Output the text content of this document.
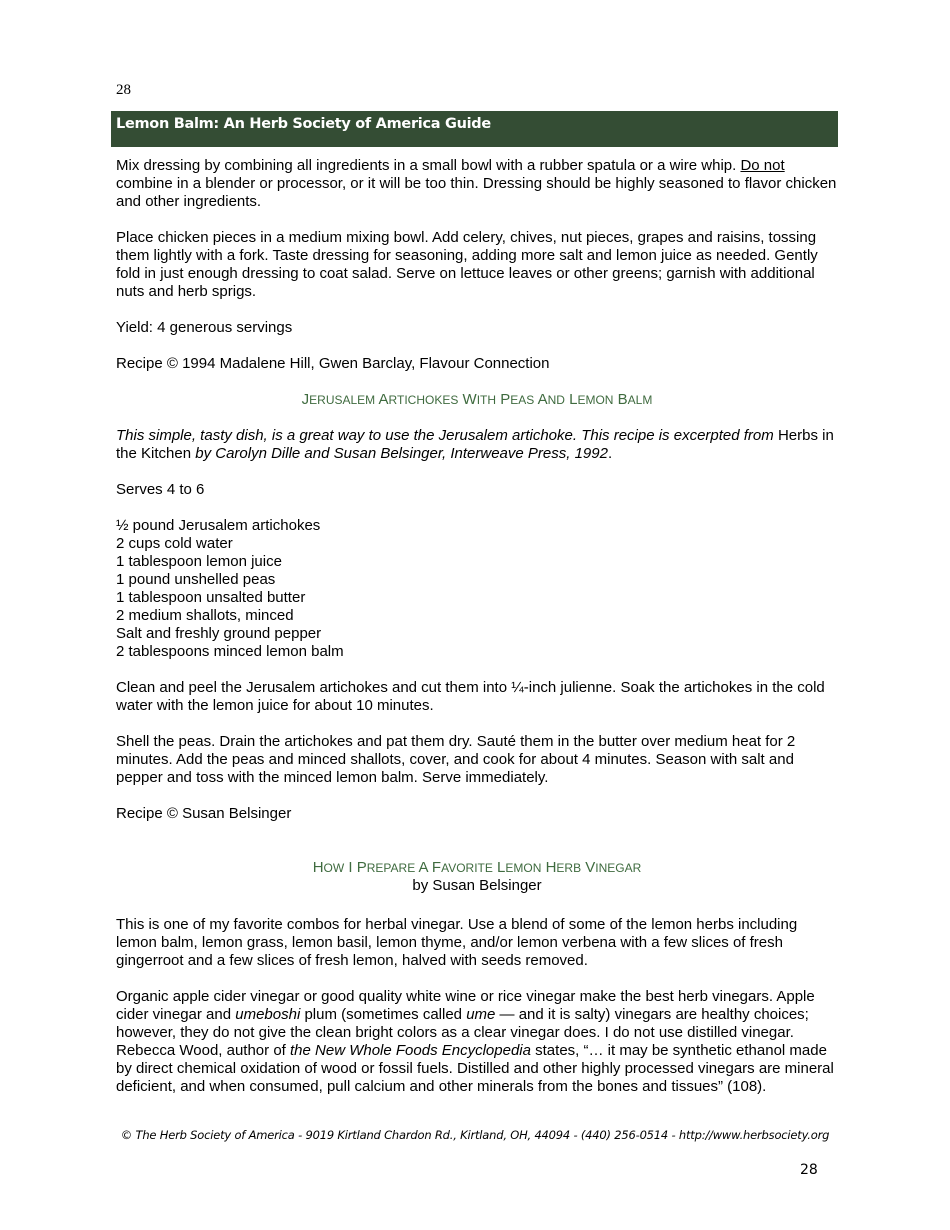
28
Lemon Balm: An Herb Society of America Guide

Mix dressing by combining all ingredients in a small bowl with a rubber spatula or a wire whip. Do not combine in a blender or processor, or it will be too thin. Dressing should be highly seasoned to flavor chicken and other ingredients.

Place chicken pieces in a medium mixing bowl. Add celery, chives, nut pieces, grapes and raisins, tossing them lightly with a fork. Taste dressing for seasoning, adding more salt and lemon juice as needed. Gently fold in just enough dressing to coat salad. Serve on lettuce leaves or other greens; garnish with additional nuts and herb sprigs.

Yield: 4 generous servings

Recipe © 1994 Madalene Hill, Gwen Barclay, Flavour Connection

JERUSALEM ARTICHOKES WITH PEAS AND LEMON BALM

This simple, tasty dish, is a great way to use the Jerusalem artichoke. This recipe is excerpted from Herbs in the Kitchen by Carolyn Dille and Susan Belsinger, Interweave Press, 1992.

Serves 4 to 6

½ pound Jerusalem artichokes
2 cups cold water
1 tablespoon lemon juice
1 pound unshelled peas
1 tablespoon unsalted butter
2 medium shallots, minced
Salt and freshly ground pepper
2 tablespoons minced lemon balm

Clean and peel the Jerusalem artichokes and cut them into ¼-inch julienne. Soak the artichokes in the cold water with the lemon juice for about 10 minutes.

Shell the peas. Drain the artichokes and pat them dry. Sauté them in the butter over medium heat for 2 minutes. Add the peas and minced shallots, cover, and cook for about 4 minutes. Season with salt and pepper and toss with the minced lemon balm. Serve immediately.

Recipe © Susan Belsinger

HOW I PREPARE A FAVORITE LEMON HERB VINEGAR

by Susan Belsinger

This is one of my favorite combos for herbal vinegar. Use a blend of some of the lemon herbs including lemon balm, lemon grass, lemon basil, lemon thyme, and/or lemon verbena with a few slices of fresh gingerroot and a few slices of fresh lemon, halved with seeds removed.

Organic apple cider vinegar or good quality white wine or rice vinegar make the best herb vinegars. Apple cider vinegar and umeboshi plum (sometimes called ume — and it is salty) vinegars are healthy choices; however, they do not give the clean bright colors as a clear vinegar does. I do not use distilled vinegar. Rebecca Wood, author of the New Whole Foods Encyclopedia states, “… it may be synthetic ethanol made by direct chemical oxidation of wood or fossil fuels. Distilled and other highly processed vinegars are mineral deficient, and when consumed, pull calcium and other minerals from the bones and tissues” (108).

© The Herb Society of America - 9019 Kirtland Chardon Rd., Kirtland, OH, 44094 - (440) 256-0514 - http://www.herbsociety.org
28
